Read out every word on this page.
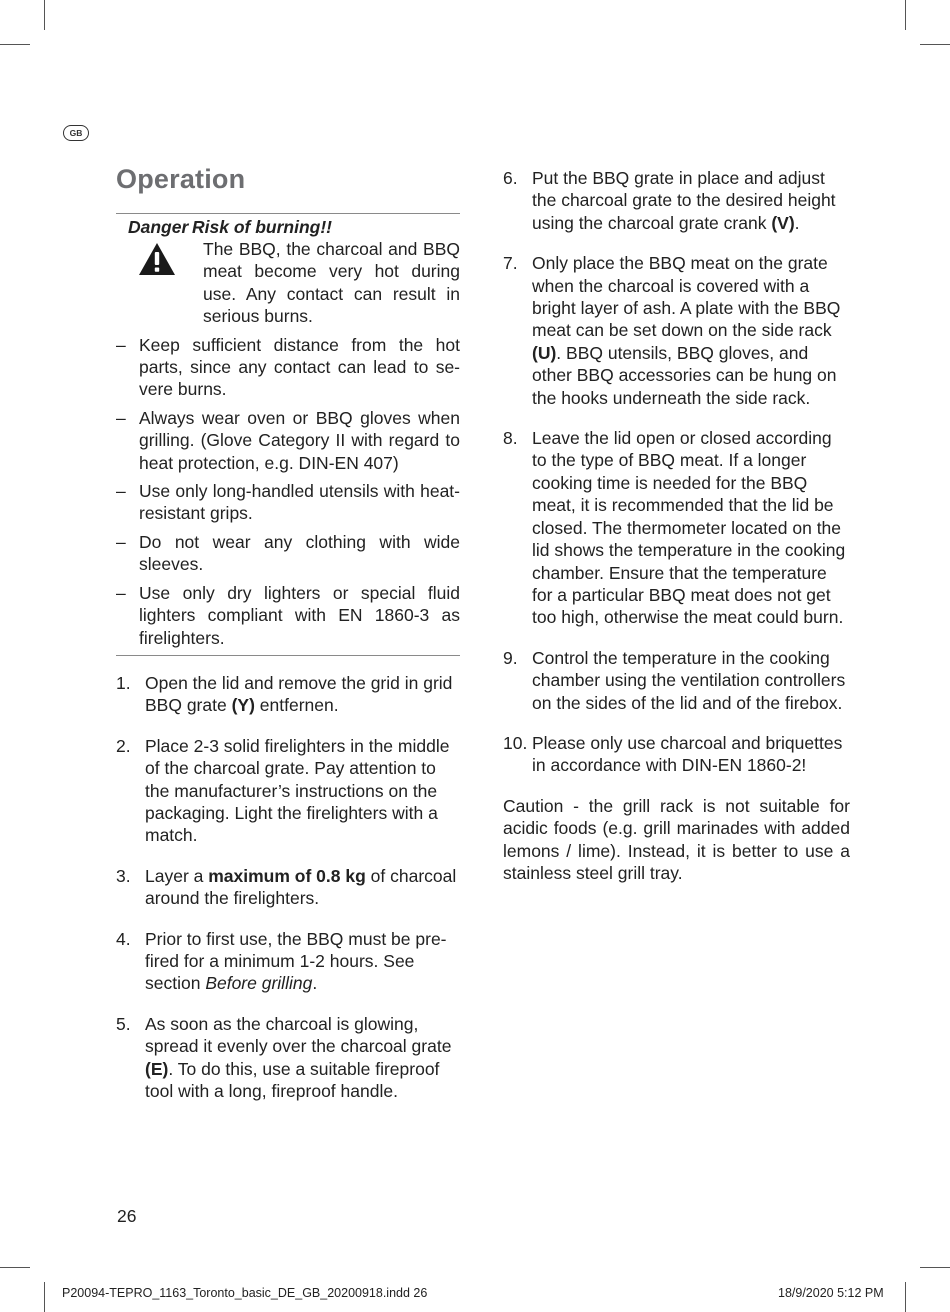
GB
Operation
Danger Risk of burning!!
The BBQ, the charcoal and BBQ meat become very hot during use. Any contact can result in serious burns.
– Keep sufficient distance from the hot parts, since any contact can lead to severe burns.
– Always wear oven or BBQ gloves when grilling. (Glove Category II with regard to heat protection, e.g. DIN-EN 407)
– Use only long-handled utensils with heat-resistant grips.
– Do not wear any clothing with wide sleeves.
– Use only dry lighters or special fluid lighters compliant with EN 1860-3 as firelighters.
1. Open the lid and remove the grid in grid BBQ grate (Y) entfernen.
2. Place 2-3 solid firelighters in the middle of the charcoal grate. Pay attention to the manufacturer’s instructions on the packaging. Light the firelighters with a match.
3. Layer a maximum of 0.8 kg of charcoal around the firelighters.
4. Prior to first use, the BBQ must be pre-fired for a minimum 1-2 hours. See section Before grilling.
5. As soon as the charcoal is glowing, spread it evenly over the charcoal grate (E). To do this, use a suitable fireproof tool with a long, fireproof handle.
6. Put the BBQ grate in place and adjust the charcoal grate to the desired height using the charcoal grate crank (V).
7. Only place the BBQ meat on the grate when the charcoal is covered with a bright layer of ash. A plate with the BBQ meat can be set down on the side rack (U). BBQ utensils, BBQ gloves, and other BBQ accessories can be hung on the hooks underneath the side rack.
8. Leave the lid open or closed according to the type of BBQ meat. If a longer cooking time is needed for the BBQ meat, it is recommended that the lid be closed. The thermometer located on the lid shows the temperature in the cooking chamber. Ensure that the temperature for a particular BBQ meat does not get too high, otherwise the meat could burn.
9. Control the temperature in the cooking chamber using the ventilation controllers on the sides of the lid and of the firebox.
10. Please only use charcoal and briquettes in accordance with DIN-EN 1860-2!

Caution - the grill rack is not suitable for acidic foods (e.g. grill marinades with added lemons / lime). Instead, it is better to use a stainless steel grill tray.

26
P20094-TEPRO_1163_Toronto_basic_DE_GB_20200918.indd 26	18/9/2020 5:12 PM
